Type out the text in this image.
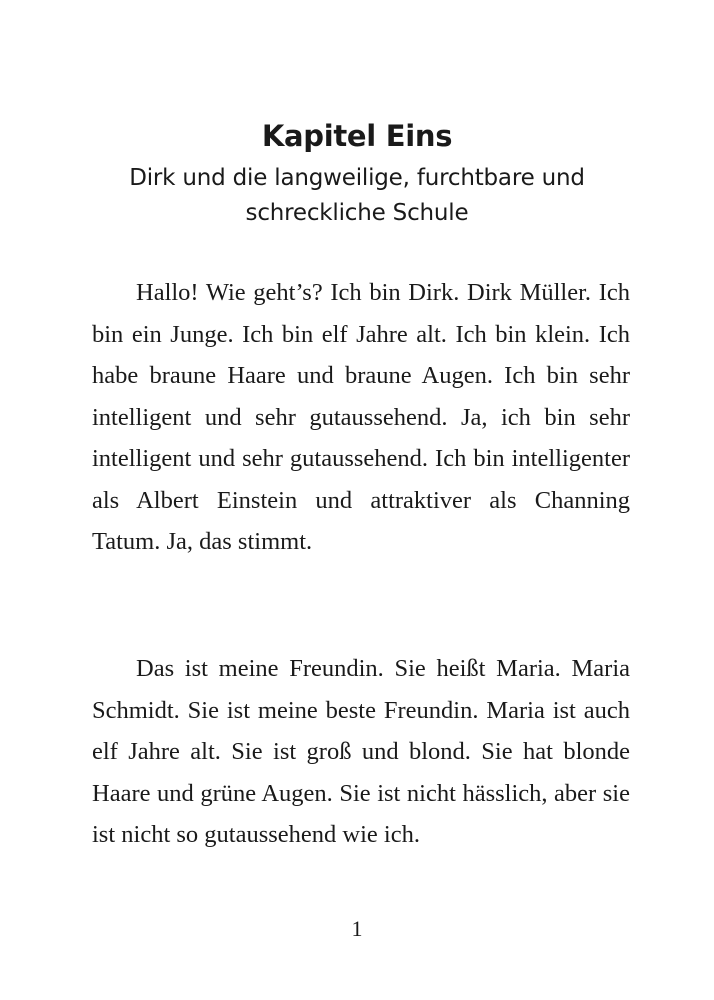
Kapitel Eins
Dirk und die langweilige, furchtbare und schreckliche Schule

Hallo! Wie geht’s? Ich bin Dirk. Dirk Müller. Ich bin ein Junge. Ich bin elf Jahre alt. Ich bin klein. Ich habe braune Haare und braune Augen. Ich bin sehr intelligent und sehr gutaussehend. Ja, ich bin sehr intelligent und sehr gutaussehend. Ich bin intelligenter als Albert Einstein und attraktiver als Channing Tatum. Ja, das stimmt.

Das ist meine Freundin. Sie heißt Maria. Maria Schmidt. Sie ist meine beste Freundin. Maria ist auch elf Jahre alt. Sie ist groß und blond. Sie hat blonde Haare und grüne Augen. Sie ist nicht hässlich, aber sie ist nicht so gutaussehend wie ich.

1
